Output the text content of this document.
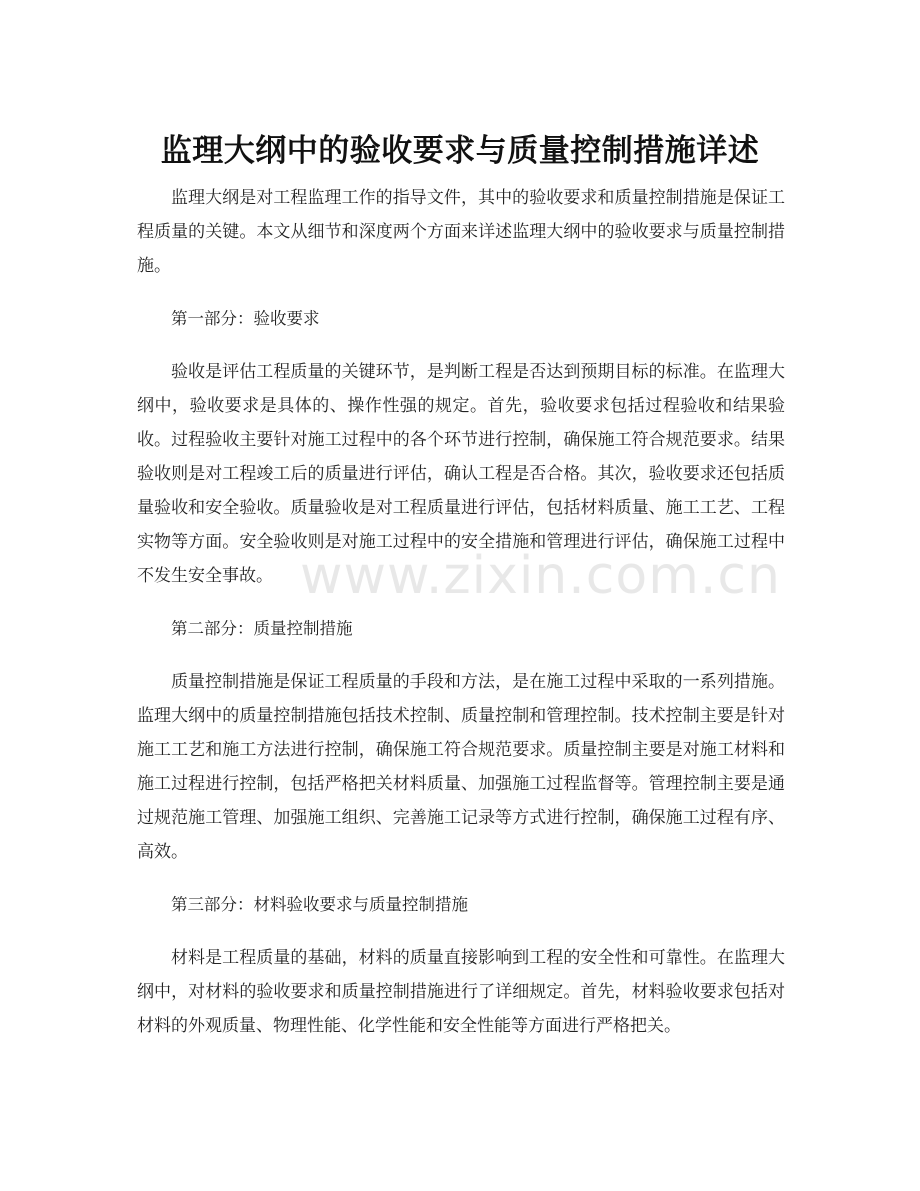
监理大纲中的验收要求与质量控制措施详述

监理大纲是对工程监理工作的指导文件，其中的验收要求和质量控制措施是保证工程质量的关键。本文从细节和深度两个方面来详述监理大纲中的验收要求与质量控制措施。

第一部分：验收要求

验收是评估工程质量的关键环节，是判断工程是否达到预期目标的标准。在监理大纲中，验收要求是具体的、操作性强的规定。首先，验收要求包括过程验收和结果验收。过程验收主要针对施工过程中的各个环节进行控制，确保施工符合规范要求。结果验收则是对工程竣工后的质量进行评估，确认工程是否合格。其次，验收要求还包括质量验收和安全验收。质量验收是对工程质量进行评估，包括材料质量、施工工艺、工程实物等方面。安全验收则是对施工过程中的安全措施和管理进行评估，确保施工过程中不发生安全事故。

第二部分：质量控制措施

质量控制措施是保证工程质量的手段和方法，是在施工过程中采取的一系列措施。监理大纲中的质量控制措施包括技术控制、质量控制和管理控制。技术控制主要是针对施工工艺和施工方法进行控制，确保施工符合规范要求。质量控制主要是对施工材料和施工过程进行控制，包括严格把关材料质量、加强施工过程监督等。管理控制主要是通过规范施工管理、加强施工组织、完善施工记录等方式进行控制，确保施工过程有序、高效。

第三部分：材料验收要求与质量控制措施

材料是工程质量的基础，材料的质量直接影响到工程的安全性和可靠性。在监理大纲中，对材料的验收要求和质量控制措施进行了详细规定。首先，材料验收要求包括对材料的外观质量、物理性能、化学性能和安全性能等方面进行严格把关。

www.zixin.com.cn
